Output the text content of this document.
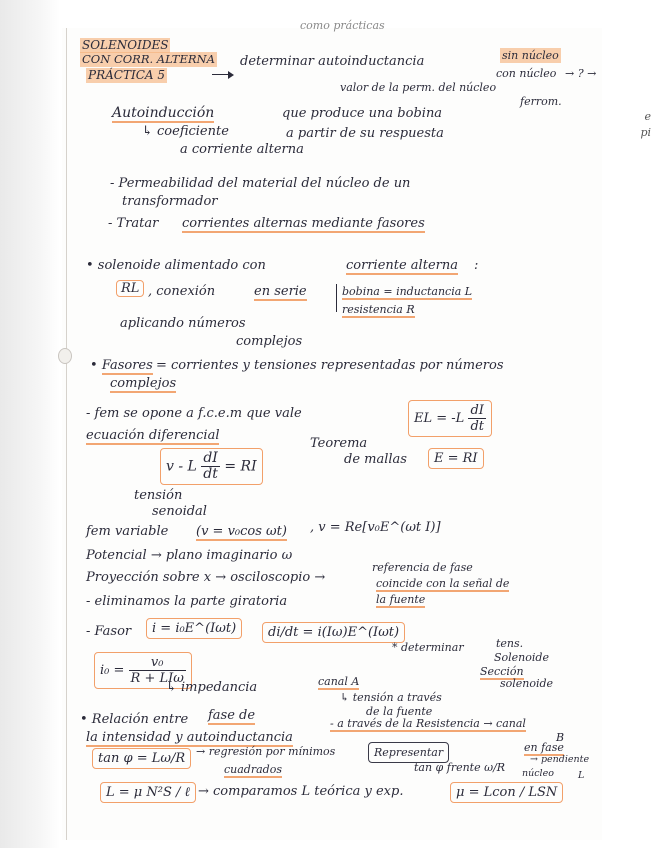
como prácticas
SOLENOIDES
CON CORR. ALTERNA
PRÁCTICA 5
determinar autoinductancia	sin núcleo
con núcleo → ? →
valor de la perm. del núcleo
ferrom.
Autoinducción	que produce una bobina
↳ coeficiente	a partir de su respuesta
a corriente alterna
- Permeabilidad del material del núcleo de un
transformador
- Tratar corrientes alternas mediante fasores
• solenoide alimentado con	corriente alterna :
RL , conexión	en serie	bobina = inductancia L
resistencia R
aplicando números
complejos
• Fasores = corrientes y tensiones representadas por números
complejos
- fem se opone a f.c.e.m que vale	EL = $-L \frac{dI}{dt}$
ecuación diferencial
v - L $\frac{dI}{dt}$ = RI
Teorema
de mallas	E = RI
tensión
senoidal
fem variable (v = v₀cos ωt) , v = Re[v₀E^(ωt I)]
Potencial → plano imaginario ω
Proyección sobre x → osciloscopio →
referencia de fase
coincide con la señal de
la fuente
- eliminamos la parte giratoria
- Fasor	i = i₀E^(Iωt)	di/dt = i(Iω)E^(Iωt)
* determinar	tens.
Solenoide
Sección
solenoide
$i_0 = \frac{\text{v₀}}{\text{R + LIω}}$
↳ impedancia	canal A
↳ tensión a través
de la fuente
• Relación entre fase de
la intensidad y autoinductancia
- a través de la Resistencia → canal
B
en fase
tan φ = Lω/R → regresión por mínimos
cuadrados
Representar
tan φ frente ω/R
→ pendiente
núcleo	L
L = μ N²S / ℓ → comparamos L teórica y exp.	μ = Lcon / LSN
e
pi
